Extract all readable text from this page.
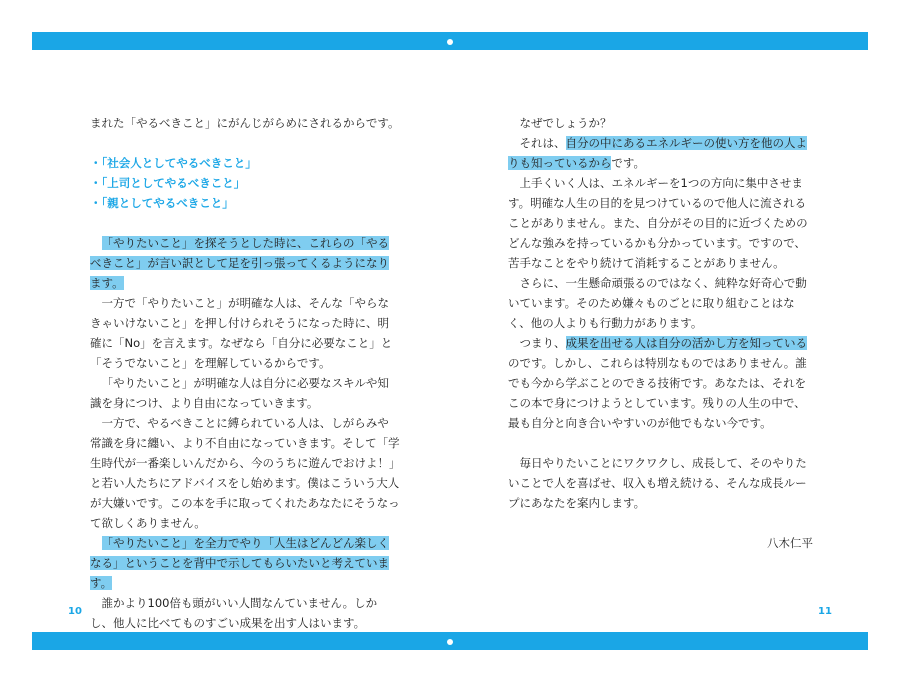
まれた「やるべきこと」にがんじがらめにされるからです。

・「社会人としてやるべきこと」

・「上司としてやるべきこと」

・「親としてやるべきこと」

「やりたいこと」を探そうとした時に、これらの「やるべきこと」が言い訳として足を引っ張ってくるようになります。

一方で「やりたいこと」が明確な人は、そんな「やらなきゃいけないこと」を押し付けられそうになった時に、明確に「No」を言えます。なぜなら「自分に必要なこと」と「そうでないこと」を理解しているからです。

「やりたいこと」が明確な人は自分に必要なスキルや知識を身につけ、より自由になっていきます。

一方で、やるべきことに縛られている人は、しがらみや常識を身に纏い、より不自由になっていきます。そして「学生時代が一番楽しいんだから、今のうちに遊んでおけよ！」と若い人たちにアドバイスをし始めます。僕はこういう大人が大嫌いです。この本を手に取ってくれたあなたにそうなって欲しくありません。

「やりたいこと」を全力でやり「人生はどんどん楽しくなる」ということを背中で示してもらいたいと考えています。

誰かより100倍も頭がいい人間なんていません。しかし、他人に比べてものすごい成果を出す人はいます。

なぜでしょうか？

それは、自分の中にあるエネルギーの使い方を他の人よりも知っているからです。

上手くいく人は、エネルギーを1つの方向に集中させます。明確な人生の目的を見つけているので他人に流されることがありません。また、自分がその目的に近づくためのどんな強みを持っているかも分かっています。ですので、苦手なことをやり続けて消耗することがありません。

さらに、一生懸命頑張るのではなく、純粋な好奇心で動いています。そのため嫌々ものごとに取り組むことはなく、他の人よりも行動力があります。

つまり、成果を出せる人は自分の活かし方を知っているのです。しかし、これらは特別なものではありません。誰でも今から学ぶことのできる技術です。あなたは、それをこの本で身につけようとしています。残りの人生の中で、最も自分と向き合いやすいのが他でもない今です。

毎日やりたいことにワクワクし、成長して、そのやりたいことで人を喜ばせ、収入も増え続ける、そんな成長ループにあなたを案内します。

八木仁平

10	11
